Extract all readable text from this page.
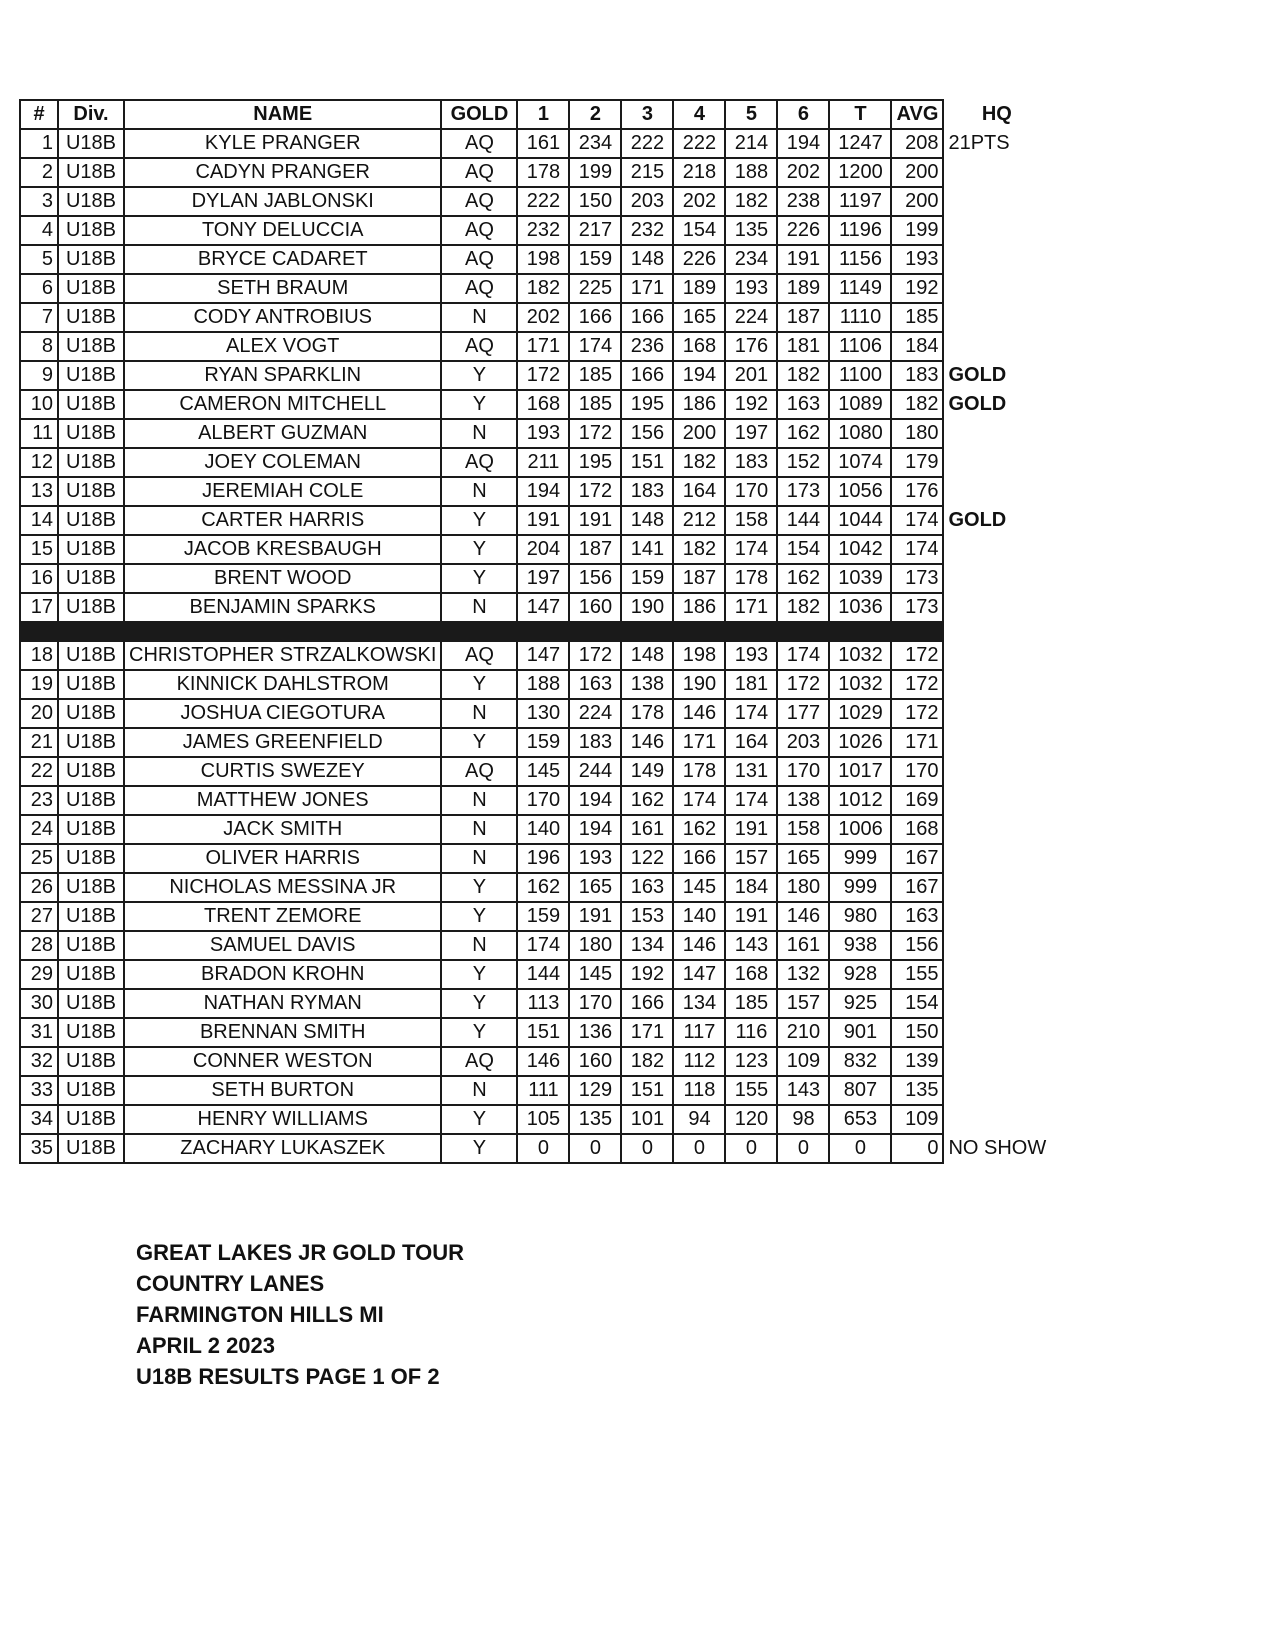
#	Div.	NAME	GOLD	1	2	3	4	5	6	T	AVG	HQ
1	U18B	KYLE PRANGER	AQ	161	234	222	222	214	194	1247	208	21PTS
2	U18B	CADYN PRANGER	AQ	178	199	215	218	188	202	1200	200	
3	U18B	DYLAN JABLONSKI	AQ	222	150	203	202	182	238	1197	200	
4	U18B	TONY DELUCCIA	AQ	232	217	232	154	135	226	1196	199	
5	U18B	BRYCE CADARET	AQ	198	159	148	226	234	191	1156	193	
6	U18B	SETH BRAUM	AQ	182	225	171	189	193	189	1149	192	
7	U18B	CODY ANTROBIUS	N	202	166	166	165	224	187	1110	185	
8	U18B	ALEX VOGT	AQ	171	174	236	168	176	181	1106	184	
9	U18B	RYAN SPARKLIN	Y	172	185	166	194	201	182	1100	183	GOLD
10	U18B	CAMERON MITCHELL	Y	168	185	195	186	192	163	1089	182	GOLD
11	U18B	ALBERT GUZMAN	N	193	172	156	200	197	162	1080	180	
12	U18B	JOEY COLEMAN	AQ	211	195	151	182	183	152	1074	179	
13	U18B	JEREMIAH COLE	N	194	172	183	164	170	173	1056	176	
14	U18B	CARTER HARRIS	Y	191	191	148	212	158	144	1044	174	GOLD
15	U18B	JACOB KRESBAUGH	Y	204	187	141	182	174	154	1042	174	
16	U18B	BRENT WOOD	Y	197	156	159	187	178	162	1039	173	
17	U18B	BENJAMIN SPARKS	N	147	160	190	186	171	182	1036	173	

18	U18B	CHRISTOPHER STRZALKOWSKI	AQ	147	172	148	198	193	174	1032	172	
19	U18B	KINNICK DAHLSTROM	Y	188	163	138	190	181	172	1032	172	
20	U18B	JOSHUA CIEGOTURA	N	130	224	178	146	174	177	1029	172	
21	U18B	JAMES GREENFIELD	Y	159	183	146	171	164	203	1026	171	
22	U18B	CURTIS SWEZEY	AQ	145	244	149	178	131	170	1017	170	
23	U18B	MATTHEW JONES	N	170	194	162	174	174	138	1012	169	
24	U18B	JACK SMITH	N	140	194	161	162	191	158	1006	168	
25	U18B	OLIVER HARRIS	N	196	193	122	166	157	165	999	167	
26	U18B	NICHOLAS MESSINA JR	Y	162	165	163	145	184	180	999	167	
27	U18B	TRENT ZEMORE	Y	159	191	153	140	191	146	980	163	
28	U18B	SAMUEL DAVIS	N	174	180	134	146	143	161	938	156	
29	U18B	BRADON KROHN	Y	144	145	192	147	168	132	928	155	
30	U18B	NATHAN RYMAN	Y	113	170	166	134	185	157	925	154	
31	U18B	BRENNAN SMITH	Y	151	136	171	117	116	210	901	150	
32	U18B	CONNER WESTON	AQ	146	160	182	112	123	109	832	139	
33	U18B	SETH BURTON	N	111	129	151	118	155	143	807	135	
34	U18B	HENRY WILLIAMS	Y	105	135	101	94	120	98	653	109	
35	U18B	ZACHARY LUKASZEK	Y	0	0	0	0	0	0	0	0	NO SHOW
GREAT LAKES JR GOLD TOUR
COUNTRY LANES
FARMINGTON HILLS MI
APRIL 2 2023
U18B RESULTS PAGE 1 OF 2
